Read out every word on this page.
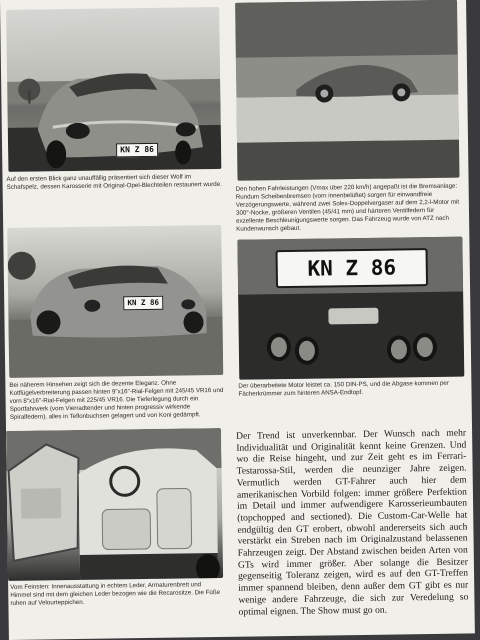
KN Z 86

Auf den ersten Blick ganz unauffällig präsentiert sich dieser Wolf im Schafspelz, dessen Karosserie mit Original-Opel-Blechteilen restauriert wurde. Den hohen Fahrleistungen (Vmax über 220 km/h) angepaßt ist die Bremsanlage: Rundum Scheibenbremsen (vorn innenbelüftet) sorgen für einwandfreie Verzögerungswerte, während zwei Solex-Doppelvergaser auf dem 2,2-l-Motor mit 300°-Nocke, größeren Ventilen (45/41 mm) und härteren Ventilfedern für exzellente Beschleunigungswerte sorgen. Das Fahrzeug wurde von ATZ nach Kundenwunsch gebaut.

KN Z 86
KN Z 86

Bei näherem Hinsehen zeigt sich die dezente Eleganz. Ohne Kotflügelverbreiterung passen hinten 9"x16"-Rial-Felgen mit 245/45 VR16 und vorn 8"x16"-Rial-Felgen mit 225/45 VR16. Die Tieferlegung durch ein Sportfahrwerk (vom Vierradtender und hinten progressiv wirkende Spiralfedern), alles in Teflonbuchsen gelagert und von Koni gedämpft.

Der überarbeitete Motor leistet ca. 150 DIN-PS, und die Abgase kommen per Fächerkrümmer zum hinteren ANSA-Endtopf.

Vom Feinsten: Innenausstattung in echtem Leder, Armaturenbrett und Himmel sind mit dem gleichen Leder bezogen wie die Recarositze. Die Füße ruhen auf Velourteppichen.

Der Trend ist unverkennbar. Der Wunsch nach mehr Individualität und Originalität kennt keine Grenzen. Und wo die Reise hingeht, und zur Zeit geht es im Ferrari-Testarossa-Stil, werden die neunziger Jahre zeigen. Vermutlich werden GT-Fahrer auch hier dem amerikanischen Vorbild folgen: immer größere Perfektion im Detail und immer aufwendigere Karosserieumbauten (topchopped and sectioned). Die Custom-Car-Welle hat endgültig den GT erobert, obwohl andererseits sich auch verstärkt ein Streben nach im Originalzustand belassenen Fahrzeugen zeigt. Der Abstand zwischen beiden Arten von GTs wird immer größer. Aber solange die Besitzer gegenseitig Toleranz zeigen, wird es auf den GT-Treffen immer spannend bleiben, denn außer dem GT gibt es nur wenige andere Fahrzeuge, die sich zur Veredelung so optimal eignen. The Show must go on.
